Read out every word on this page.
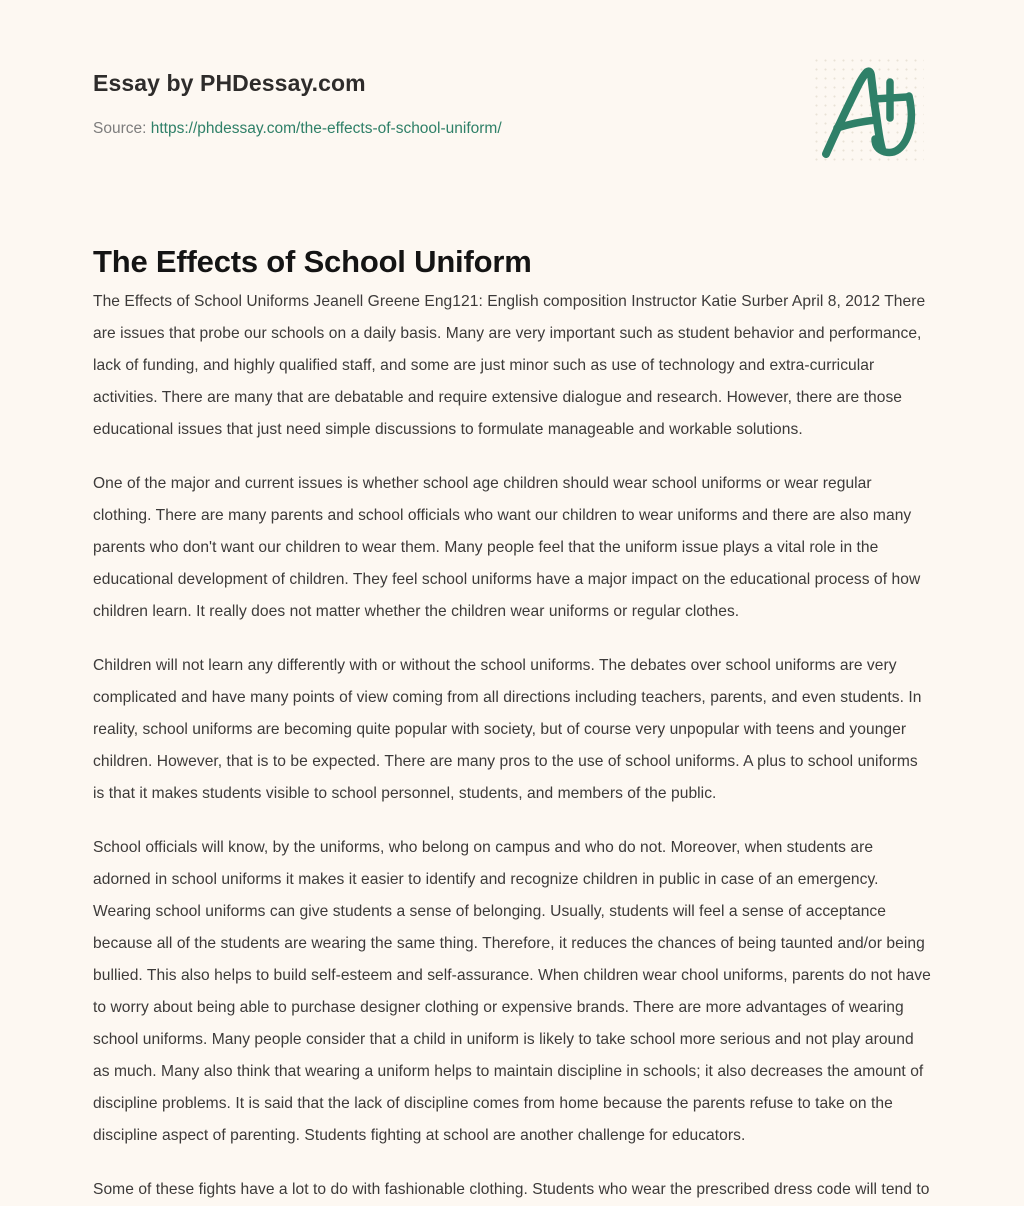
Essay by PHDessay.com
Source: https://phdessay.com/the-effects-of-school-uniform/
The Effects of School Uniform

The Effects of School Uniforms Jeanell Greene Eng121: English composition Instructor Katie Surber April 8, 2012 There are issues that probe our schools on a daily basis. Many are very important such as student behavior and performance, lack of funding, and highly qualified staff, and some are just minor such as use of technology and extra-curricular activities. There are many that are debatable and require extensive dialogue and research. However, there are those educational issues that just need simple discussions to formulate manageable and workable solutions.

One of the major and current issues is whether school age children should wear school uniforms or wear regular clothing. There are many parents and school officials who want our children to wear uniforms and there are also many parents who don't want our children to wear them. Many people feel that the uniform issue plays a vital role in the educational development of children. They feel school uniforms have a major impact on the educational process of how children learn. It really does not matter whether the children wear uniforms or regular clothes.

Children will not learn any differently with or without the school uniforms. The debates over school uniforms are very complicated and have many points of view coming from all directions including teachers, parents, and even students. In reality, school uniforms are becoming quite popular with society, but of course very unpopular with teens and younger children. However, that is to be expected. There are many pros to the use of school uniforms. A plus to school uniforms is that it makes students visible to school personnel, students, and members of the public.

School officials will know, by the uniforms, who belong on campus and who do not. Moreover, when students are adorned in school uniforms it makes it easier to identify and recognize children in public in case of an emergency. Wearing school uniforms can give students a sense of belonging. Usually, students will feel a sense of acceptance because all of the students are wearing the same thing. Therefore, it reduces the chances of being taunted and/or being bullied. This also helps to build self-esteem and self-assurance. When children wear chool uniforms, parents do not have to worry about being able to purchase designer clothing or expensive brands. There are more advantages of wearing school uniforms. Many people consider that a child in uniform is likely to take school more serious and not play around as much. Many also think that wearing a uniform helps to maintain discipline in schools; it also decreases the amount of discipline problems. It is said that the lack of discipline comes from home because the parents refuse to take on the discipline aspect of parenting. Students fighting at school are another challenge for educators.

Some of these fights have a lot to do with fashionable clothing. Students who wear the prescribed dress code will tend to
